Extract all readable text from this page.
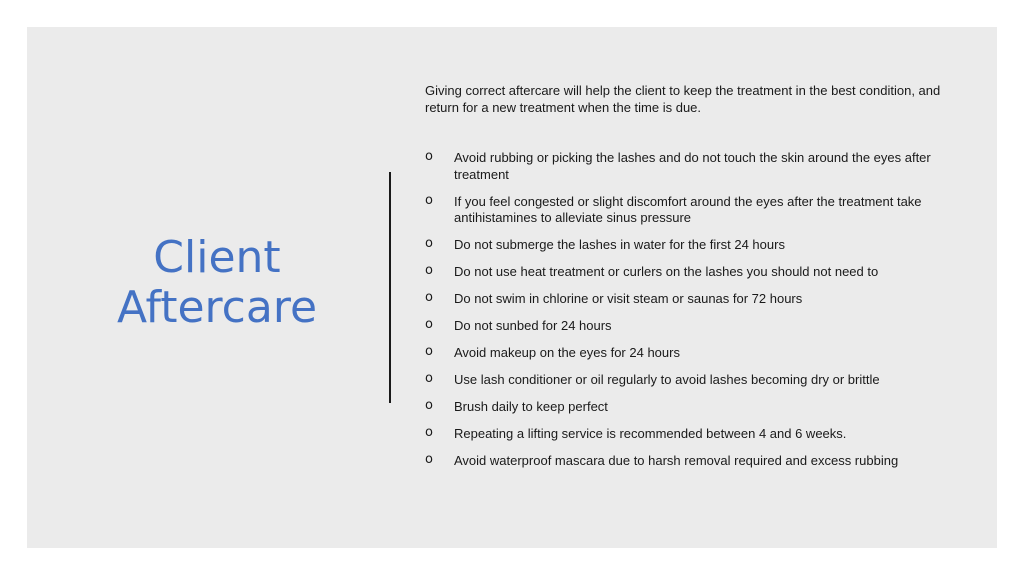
Client
Aftercare

Giving correct aftercare will help the client to keep the treatment in the best condition, and return for a new treatment when the time is due.

o Avoid rubbing or picking the lashes and do not touch the skin around the eyes after treatment
o If you feel congested or slight discomfort around the eyes after the treatment take antihistamines to alleviate sinus pressure
o Do not submerge the lashes in water for the first 24 hours
o Do not use heat treatment or curlers on the lashes you should not need to
o Do not swim in chlorine or visit steam or saunas for 72 hours
o Do not sunbed for 24 hours
o Avoid makeup on the eyes for 24 hours
o Use lash conditioner or oil regularly to avoid lashes becoming dry or brittle
o Brush daily to keep perfect
o Repeating a lifting service is recommended between 4 and 6 weeks.
o Avoid waterproof mascara due to harsh removal required and excess rubbing
